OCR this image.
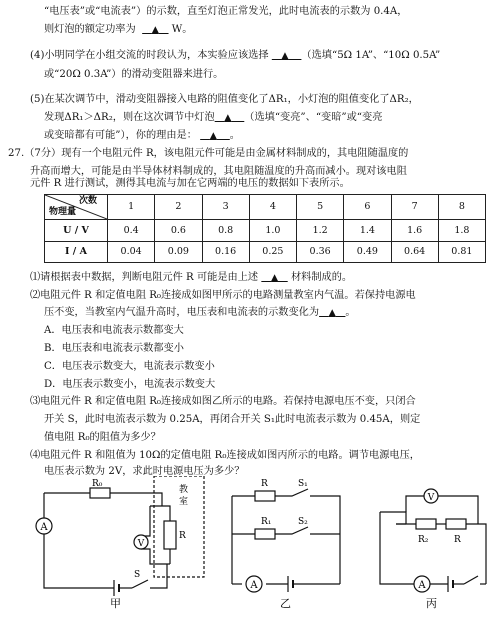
“电压表”或“电流表”）的示数，直至灯泡正常发光，此时电流表的示数为 0.4A，
则灯泡的额定功率为 ▲ W。
(4)小明同学在小组交流的时段认为，本实验应该选择 ▲ （选填“5Ω 1A”、“10Ω 0.5A”
或“20Ω 0.3A”）的滑动变阻器来进行。
(5)在某次调节中，滑动变阻器接入电路的阻值变化了ΔR₁，小灯泡的阻值变化了ΔR₂，
发现ΔR₁＞ΔR₂，则在这次调节中灯泡 ▲ （选填“变亮”、“变暗”或“变亮
或变暗都有可能”），你的理由是： ▲ 。
27.（7分）现有一个电阻元件 R，该电阻元件可能是由金属材料制成的，其电阻随温度的
升高而增大，可能是由半导体材料制成的，其电阻随温度的升高而减小。现对该电阻
元件 R 进行测试，测得其电流与加在它两端的电压的数据如下表所示。
次数
物理量	1	2	3	4	5	6	7	8
U / V	0.4	0.6	0.8	1.0	1.2	1.4	1.6	1.8
I / A	0.04	0.09	0.16	0.25	0.36	0.49	0.64	0.81
⑴请根据表中数据，判断电阻元件 R 可能是由上述 ▲ 材料制成的。
⑵电阻元件 R 和定值电阻 R₀连接成如图甲所示的电路测量教室内气温。若保持电源电
压不变，当教室内气温升高时，电压表和电流表的示数变化为 ▲ 。
A．电压表和电流表示数都变大
B．电压表和电流表示数都变小
C．电压表示数变大，电流表示数变小
D．电压表示数变小，电流表示数变大
⑶电阻元件 R 和定值电阻 R₀连接成如图乙所示的电路。若保持电源电压不变，只闭合
开关 S，此时电流表示数为 0.25A，再闭合开关 S₁此时电流表示数为 0.45A，则定
值电阻 R₀的阻值为多少？
⑷电阻元件 R 和阻值为 10Ω的定值电阻 R₀连接成如图丙所示的电路。调节电源电压，
电压表示数为 2V，求此时电源电压为多少？
A
V
R₀
R
S
教
室
甲
A
R
R₁
S₁
S₂
乙
V
A
R₂	R
丙
